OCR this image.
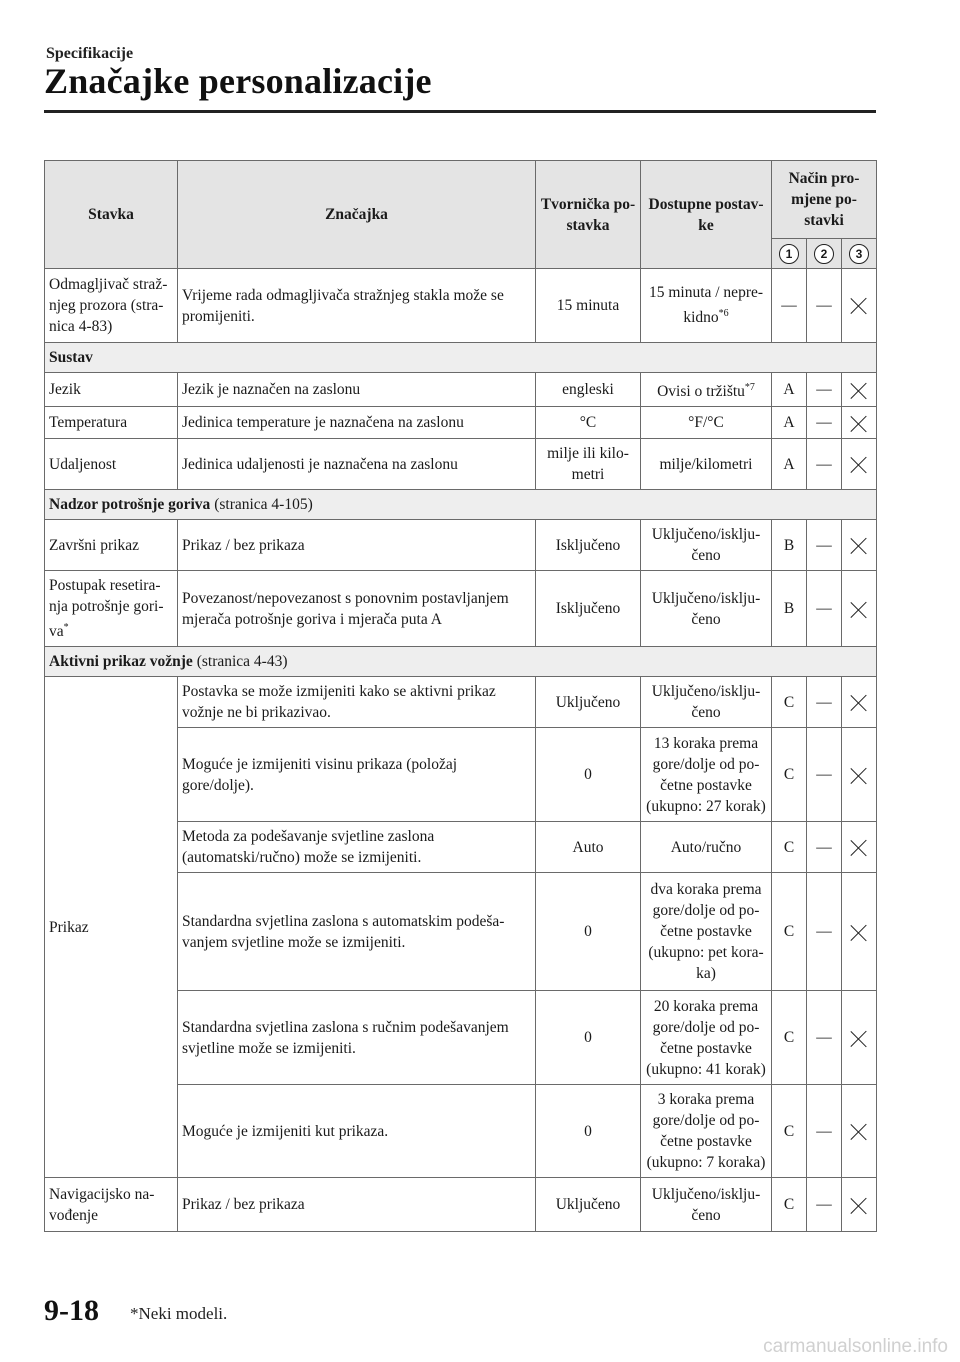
Specifikacije
Značajke personalizacije
Stavka	Značajka	Tvornička po-stavka	Dostupne postav-ke	Način pro-mjene po-stavki		
				1	2	3
Odmagljivač straž-njeg prozora (stra-nica 4-83)	Vrijeme rada odmagljivača stražnjeg stakla može se promijeniti.	15 minuta	15 minuta / nepre-kidno$^{*6}$	—	—	
Sustav						
Jezik	Jezik je naznačen na zaslonu	engleski	Ovisi o tržištu$^{*7}$	A	—	
Temperatura	Jedinica temperature je naznačena na zaslonu	°C	°F/°C	A	—	
Udaljenost	Jedinica udaljenosti je naznačena na zaslonu	milje ili kilo-metri	milje/kilometri	A	—	
Nadzor potrošnje goriva (stranica 4-105)						
Završni prikaz	Prikaz / bez prikaza	Isključeno	Uključeno/isklju-čeno	B	—	
Postupak resetira-nja potrošnje gori-va*	Povezanost/nepovezanost s ponovnim postavljanjem mjerača potrošnje goriva i mjerača puta A	Isključeno	Uključeno/isklju-čeno	B	—	
Aktivni prikaz vožnje (stranica 4-43)						
Prikaz	Postavka se može izmijeniti kako se aktivni prikaz vožnje ne bi prikazivao.	Uključeno	Uključeno/isklju-čeno	C	—	
	Moguće je izmijeniti visinu prikaza (položaj gore/dolje).	0	13 koraka prema gore/dolje od po-četne postavke (ukupno: 27 korak)	C	—	
	Metoda za podešavanje svjetline zaslona (automatski/ručno) može se izmijeniti.	Auto	Auto/ručno	C	—	
	Standardna svjetlina zaslona s automatskim podeša-vanjem svjetline može se izmijeniti.	0	dva koraka prema gore/dolje od po-četne postavke (ukupno: pet kora-ka)	C	—	
	Standardna svjetlina zaslona s ručnim podešavanjem svjetline može se izmijeniti.	0	20 koraka prema gore/dolje od po-četne postavke (ukupno: 41 korak)	C	—	
	Moguće je izmijeniti kut prikaza.	0	3 koraka prema gore/dolje od po-četne postavke (ukupno: 7 koraka)	C	—	
Navigacijsko na-vođenje	Prikaz / bez prikaza	Uključeno	Uključeno/isklju-čeno	C	—	
9-18 *Neki modeli.
carmanualsonline.info
